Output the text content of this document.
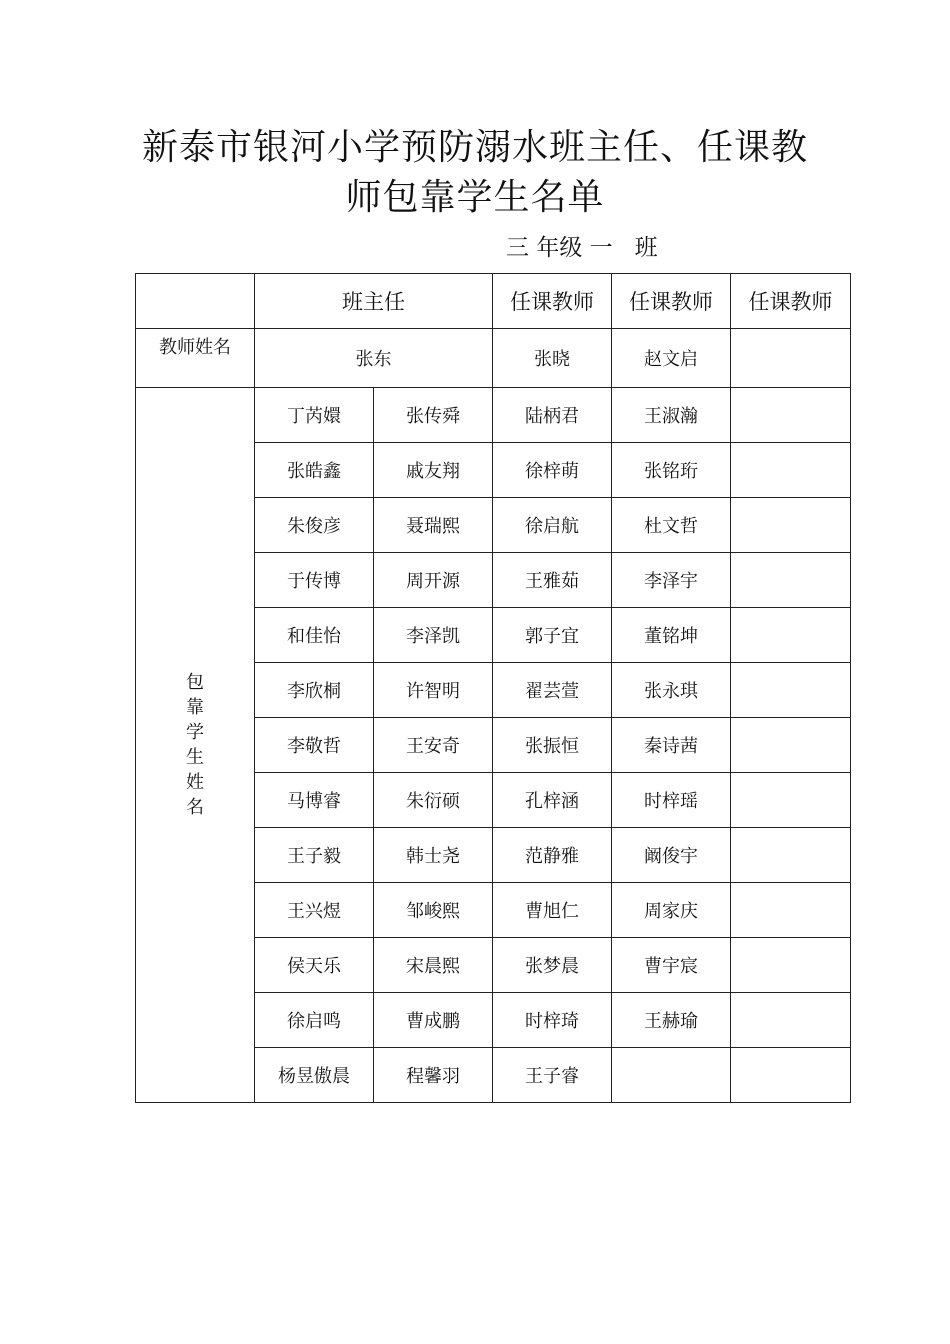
新泰市银河小学预防溺水班主任、任课教
师包靠学生名单
三 年级 一 班
	班主任		任课教师	任课教师	任课教师
教师姓名	张东		张晓	赵文启	
包靠学生姓名	丁芮嬛	张传舜	陆柄君	王淑瀚	
	张皓鑫	戚友翔	徐梓萌	张铭珩	
	朱俊彦	聂瑞熙	徐启航	杜文哲	
	于传博	周开源	王雅茹	李泽宇	
	和佳怡	李泽凯	郭子宜	董铭坤	
	李欣桐	许智明	翟芸萱	张永琪	
	李敬哲	王安奇	张振恒	秦诗茜	
	马博睿	朱衍硕	孔梓涵	时梓瑶	
	王子毅	韩士尧	范静雅	阚俊宇	
	王兴煜	邹峻熙	曹旭仁	周家庆	
	侯天乐	宋晨熙	张梦晨	曹宇宸	
	徐启鸣	曹成鹏	时梓琦	王赫瑜	
	杨昱傲晨	程馨羽	王子睿		
